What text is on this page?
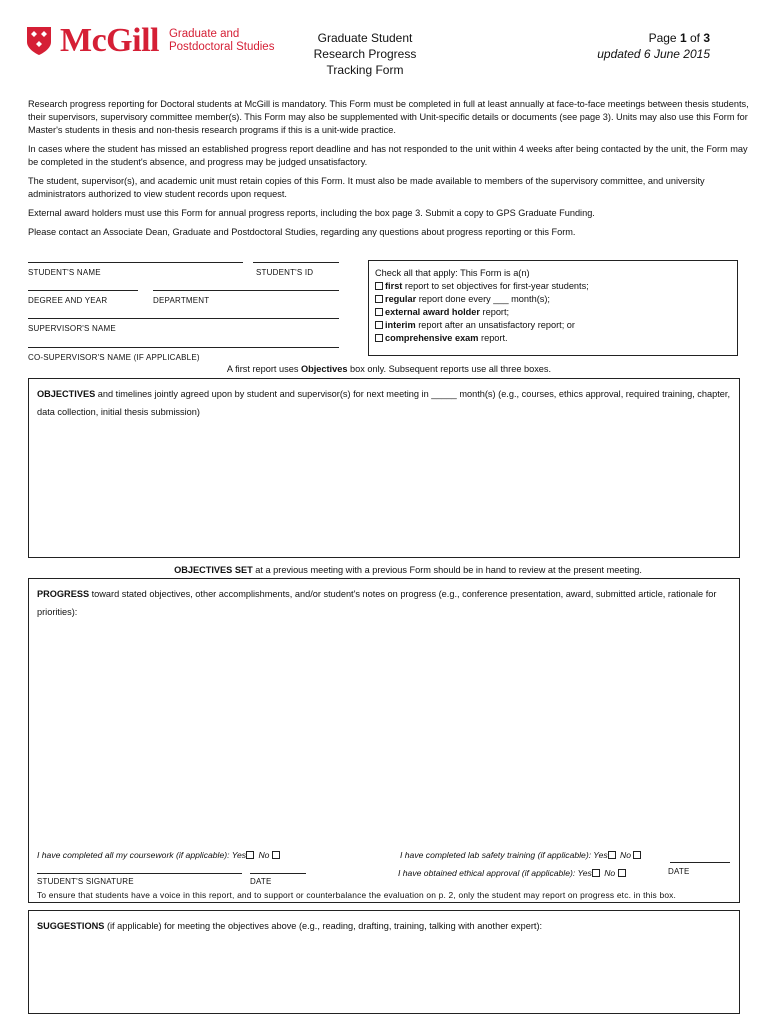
McGill Graduate and
Postdoctoral Studies
Graduate Student
Research Progress
Tracking Form
Page 1 of 3
updated 6 June 2015

Research progress reporting for Doctoral students at McGill is mandatory. This Form must be completed in full at least annually at face-to-face meetings between thesis students, their supervisors, supervisory committee member(s). This Form may also be supplemented with Unit-specific details or documents (see page 3). Units may also use this Form for Master's students in thesis and non-thesis research programs if this is a unit-wide practice.

In cases where the student has missed an established progress report deadline and has not responded to the unit within 4 weeks after being contacted by the unit, the Form may be completed in the student's absence, and progress may be judged unsatisfactory.

The student, supervisor(s), and academic unit must retain copies of this Form. It must also be made available to members of the supervisory committee, and university administrators authorized to view student records upon request.

External award holders must use this Form for annual progress reports, including the box page 3. Submit a copy to GPS Graduate Funding.

Please contact an Associate Dean, Graduate and Postdoctoral Studies, regarding any questions about progress reporting or this Form.

STUDENT'S NAME	STUDENT'S ID
DEGREE AND YEAR	DEPARTMENT
SUPERVISOR'S NAME
CO-SUPERVISOR'S NAME (IF APPLICABLE)
Check all that apply: This Form is a(n)
first report to set objectives for first-year students;
regular report done every ___ month(s);
external award holder report;
interim report after an unsatisfactory report; or
comprehensive exam report.
A first report uses Objectives box only. Subsequent reports use all three boxes.
OBJECTIVES and timelines jointly agreed upon by student and supervisor(s) for next meeting in _____ month(s) (e.g., courses, ethics approval, required training, chapter, data collection, initial thesis submission)
OBJECTIVES SET at a previous meeting with a previous Form should be in hand to review at the present meeting.
PROGRESS toward stated objectives, other accomplishments, and/or student's notes on progress (e.g., conference presentation, award, submitted article, rationale for priorities):
I have completed all my coursework (if applicable): Yes No	I have completed lab safety training (if applicable): Yes No
I have obtained ethical approval (if applicable): Yes No	DATE
STUDENT'S SIGNATURE	DATE
To ensure that students have a voice in this report, and to support or counterbalance the evaluation on p. 2, only the student may report on progress etc. in this box.
SUGGESTIONS (if applicable) for meeting the objectives above (e.g., reading, drafting, training, talking with another expert):
